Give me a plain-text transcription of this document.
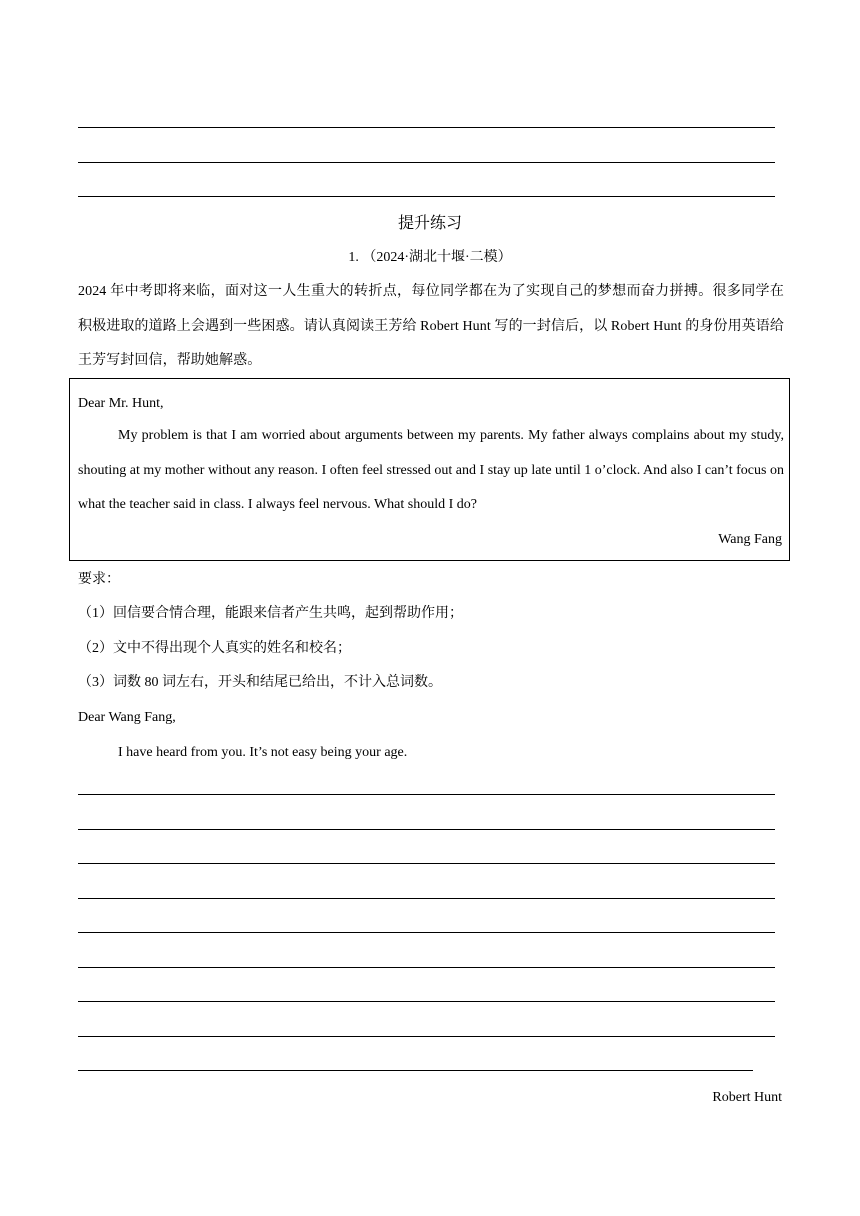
提升练习
1. （2024·湖北十堰·二模）
2024 年中考即将来临，面对这一人生重大的转折点，每位同学都在为了实现自己的梦想而奋力拼搏。很多同学在积极进取的道路上会遇到一些困惑。请认真阅读王芳给 Robert Hunt 写的一封信后，以 Robert Hunt 的身份用英语给王芳写封回信，帮助她解惑。
Dear Mr. Hunt,
My problem is that I am worried about arguments between my parents. My father always complains about my study, shouting at my mother without any reason. I often feel stressed out and I stay up late until 1 o’clock. And also I can’t focus on what the teacher said in class. I always feel nervous. What should I do?
Wang Fang
要求：
（1）回信要合情合理，能跟来信者产生共鸣，起到帮助作用；
（2）文中不得出现个人真实的姓名和校名；
（3）词数 80 词左右，开头和结尾已给出，不计入总词数。
Dear Wang Fang,
I have heard from you. It’s not easy being your age.
Robert Hunt
